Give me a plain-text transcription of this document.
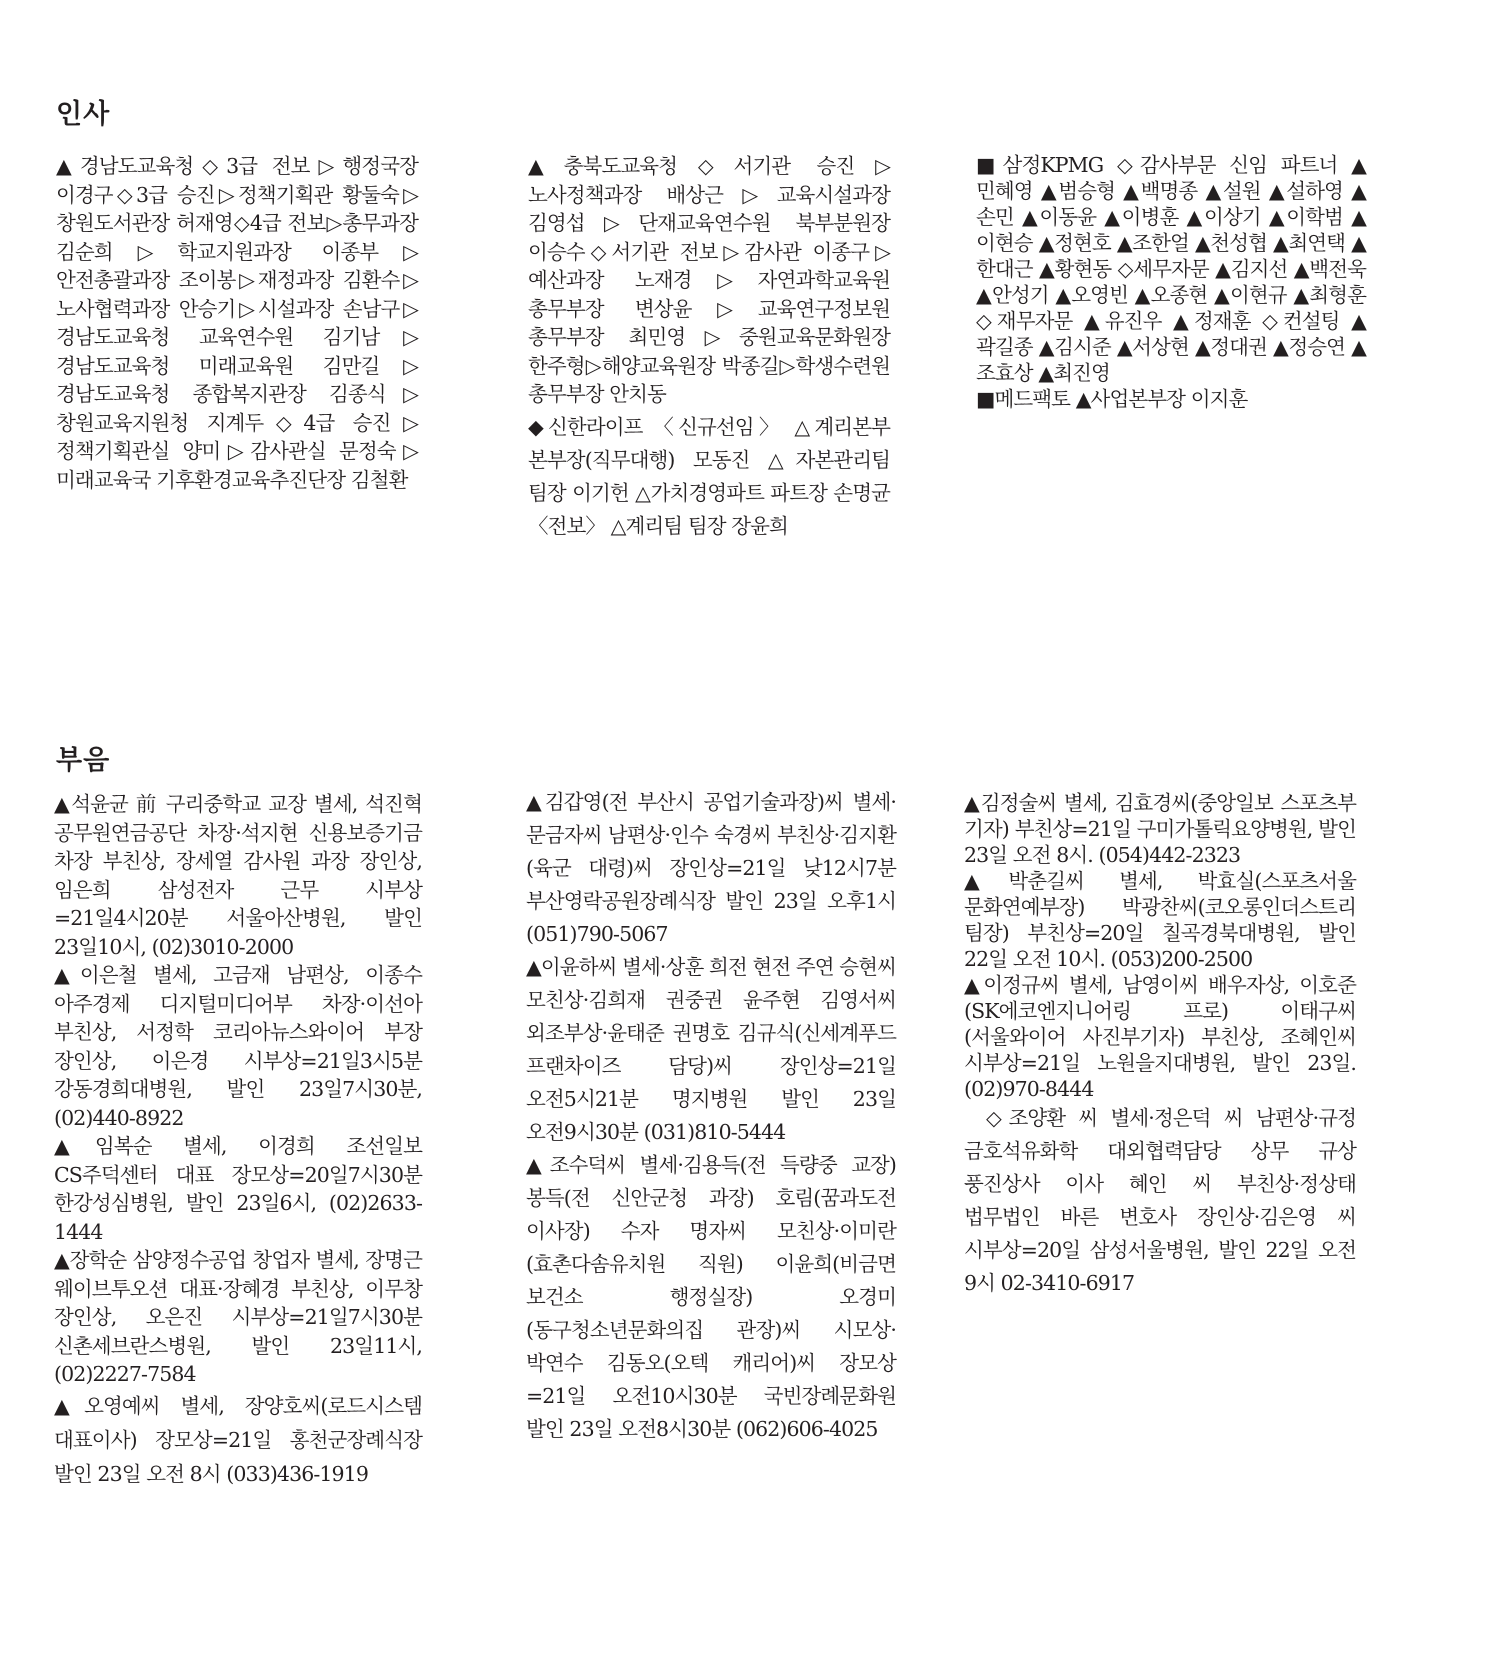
인사

▲경남도교육청◇3급 전보▷행정국장 이경구◇3급 승진▷정책기획관 황둘숙▷창원도서관장 허재영◇4급 전보▷총무과장 김순희▷학교지원과장 이종부▷안전총괄과장 조이봉▷재정과장 김환수▷노사협력과장 안승기▷시설과장 손남구▷경남도교육청 교육연수원 김기남▷경남도교육청 미래교육원 김만길▷경남도교육청 종합복지관장 김종식▷창원교육지원청 지계두◇4급 승진▷정책기획관실 양미▷감사관실 문정숙▷미래교육국 기후환경교육추진단장 김철환

▲충북도교육청◇서기관 승진▷노사정책과장 배상근▷교육시설과장 김영섭▷단재교육연수원 북부분원장 이승수◇서기관 전보▷감사관 이종구▷예산과장 노재경▷자연과학교육원 총무부장 변상윤▷교육연구정보원 총무부장 최민영▷중원교육문화원장 한주형▷해양교육원장 박종길▷학생수련원 총무부장 안치동

◆신한라이프 〈신규선임〉 △계리본부 본부장(직무대행) 모동진 △자본관리팀 팀장 이기헌 △가치경영파트 파트장 손명균 〈전보〉 △계리팀 팀장 장윤희

■삼정KPMG ◇감사부문 신임 파트너 ▲민혜영 ▲범승형 ▲백명종 ▲설원 ▲설하영 ▲손민 ▲이동윤 ▲이병훈 ▲이상기 ▲이학범 ▲이현승 ▲정현호 ▲조한얼 ▲천성협 ▲최연택 ▲한대근 ▲황현동 ◇세무자문 ▲김지선 ▲백전욱 ▲안성기 ▲오영빈 ▲오종현 ▲이현규 ▲최형훈 ◇재무자문 ▲유진우 ▲정재훈 ◇컨설팅 ▲곽길종 ▲김시준 ▲서상현 ▲정대권 ▲정승연 ▲조효상 ▲최진영

■메드팩토 ▲사업본부장 이지훈

부음

▲석윤균 前 구리중학교 교장 별세, 석진혁 공무원연금공단 차장·석지현 신용보증기금 차장 부친상, 장세열 감사원 과장 장인상, 임은희 삼성전자 근무 시부상=21일4시20분 서울아산병원, 발인 23일10시, (02)3010-2000

▲이은철 별세, 고금재 남편상, 이종수 아주경제 디지털미디어부 차장·이선아 부친상, 서정학 코리아뉴스와이어 부장 장인상, 이은경 시부상=21일3시5분 강동경희대병원, 발인 23일7시30분, (02)440-8922

▲임복순 별세, 이경희 조선일보 CS주덕센터 대표 장모상=20일7시30분 한강성심병원, 발인 23일6시, (02)2633-1444

▲장학순 삼양정수공업 창업자 별세, 장명근 웨이브투오션 대표·장혜경 부친상, 이무창 장인상, 오은진 시부상=21일7시30분 신촌세브란스병원, 발인 23일11시, (02)2227-7584

▲오영예씨 별세, 장양호씨(로드시스템 대표이사) 장모상=21일 홍천군장례식장 발인 23일 오전 8시 (033)436-1919

▲김갑영(전 부산시 공업기술과장)씨 별세·문금자씨 남편상·인수 숙경씨 부친상·김지환(육군 대령)씨 장인상=21일 낮12시7분 부산영락공원장례식장 발인 23일 오후1시 (051)790-5067

▲이윤하씨 별세·상훈 희전 현전 주연 승현씨 모친상·김희재 권중권 윤주현 김영서씨 외조부상·윤태준 권명호 김규식(신세계푸드 프랜차이즈 담당)씨 장인상=21일 오전5시21분 명지병원 발인 23일 오전9시30분 (031)810-5444

▲조수덕씨 별세·김용득(전 득량중 교장) 봉득(전 신안군청 과장) 호림(꿈과도전 이사장) 수자 명자씨 모친상·이미란(효촌다솜유치원 직원) 이윤희(비금면 보건소 행정실장) 오경미(동구청소년문화의집 관장)씨 시모상·박연수 김동오(오텍 캐리어)씨 장모상=21일 오전10시30분 국빈장례문화원 발인 23일 오전8시30분 (062)606-4025

▲김정술씨 별세, 김효경씨(중앙일보 스포츠부 기자) 부친상=21일 구미가톨릭요양병원, 발인 23일 오전 8시. (054)442-2323

▲박춘길씨 별세, 박효실(스포츠서울 문화연예부장) 박광찬씨(코오롱인더스트리 팀장) 부친상=20일 칠곡경북대병원, 발인 22일 오전 10시. (053)200-2500

▲이정규씨 별세, 남영이씨 배우자상, 이호준(SK에코엔지니어링 프로) 이태구씨(서울와이어 사진부기자) 부친상, 조혜인씨 시부상=21일 노원을지대병원, 발인 23일. (02)970-8444

◇조양환 씨 별세·정은덕 씨 남편상·규정 금호석유화학 대외협력담당 상무 규상 풍진상사 이사 혜인 씨 부친상·정상태 법무법인 바른 변호사 장인상·김은영 씨 시부상=20일 삼성서울병원, 발인 22일 오전 9시 02-3410-6917
